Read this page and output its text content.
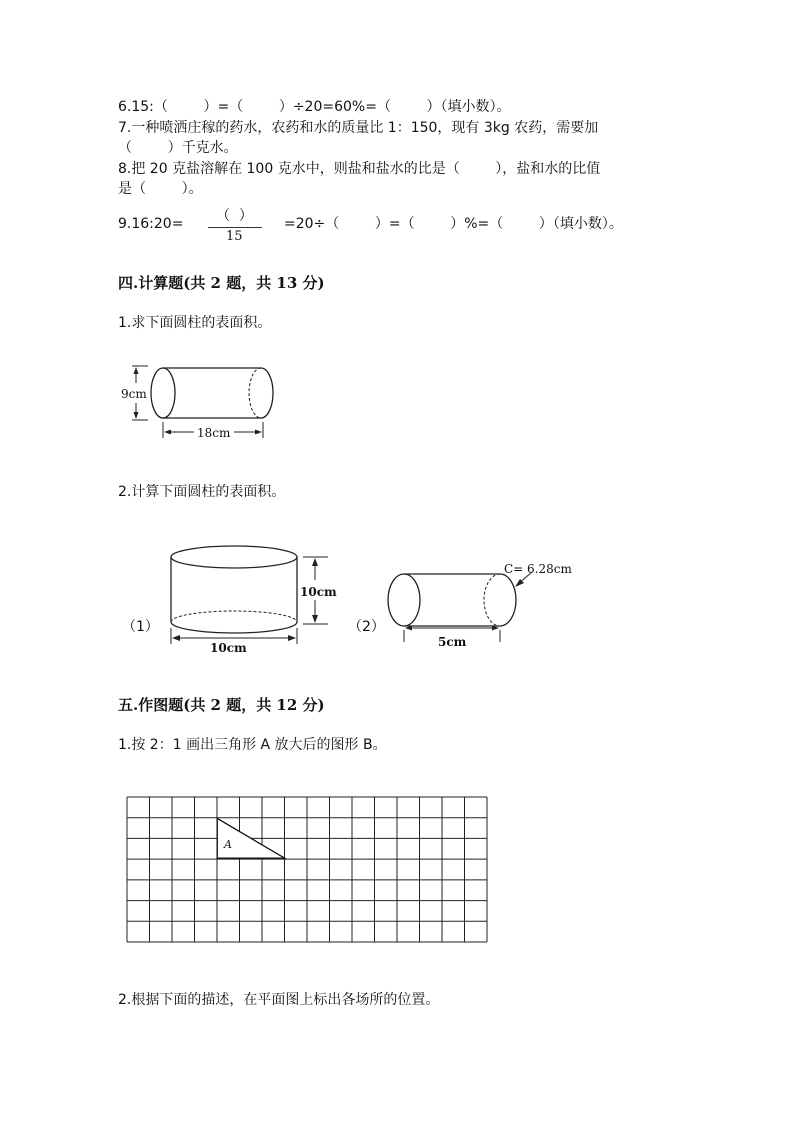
6.15:（        ）=（        ）÷20=60%=（        ）（填小数）。
7.一种喷洒庄稼的药水，农药和水的质量比 1：150，现有 3kg 农药，需要加
（        ）千克水。
8.把 20 克盐溶解在 100 克水中，则盐和盐水的比是（        ），盐和水的比值
是（        ）。
9.16:20= （  ）
15
=20÷（        ）=（        ）%=（        ）（填小数）。
四.计算题(共 2 题，共 13 分)
1.求下面圆柱的表面积。
9cm
18cm
2.计算下面圆柱的表面积。
（1）
10cm
10cm
（2）
C= 6.28cm
5cm
五.作图题(共 2 题，共 12 分)
1.按 2：1 画出三角形 A 放大后的图形 B。
A
2.根据下面的描述，在平面图上标出各场所的位置。
